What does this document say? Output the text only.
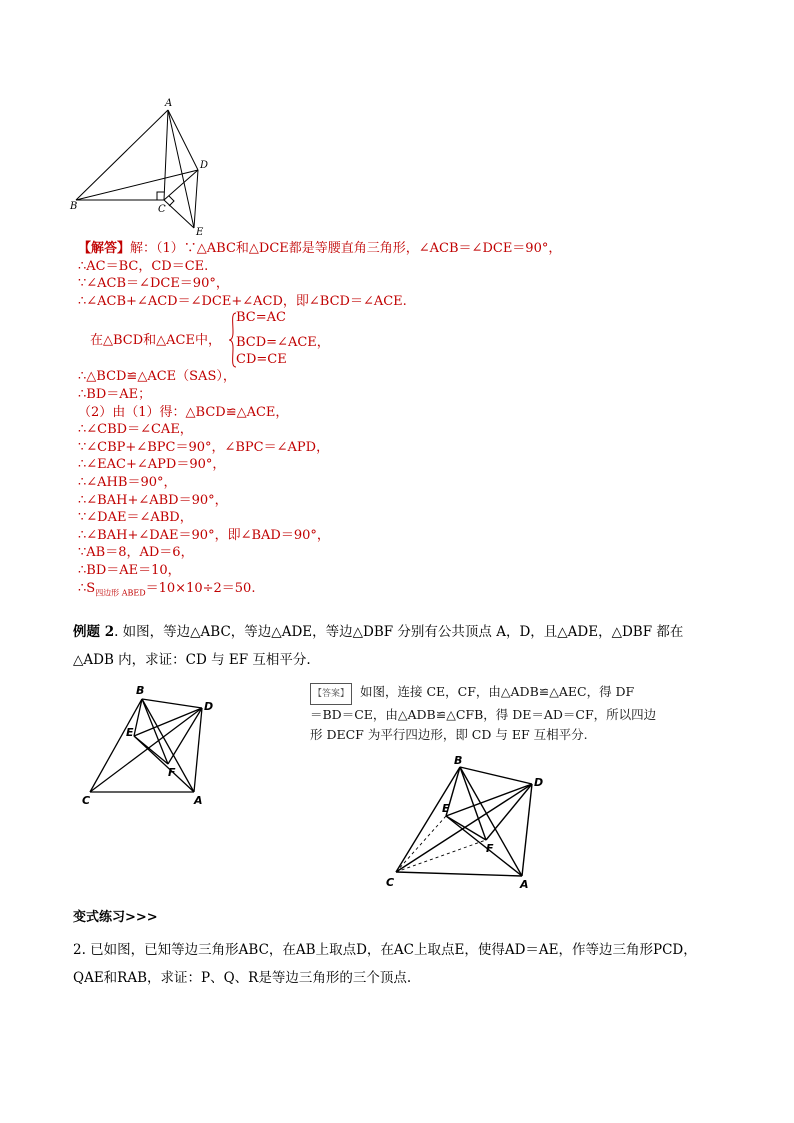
A
B	C
D
E
【解答】解：（1）∵△ABC和△DCE都是等腰直角三角形，∠ACB＝∠DCE＝90°，
∴AC＝BC，CD＝CE.
∵∠ACB＝∠DCE＝90°，
∴∠ACB+∠ACD＝∠DCE+∠ACD，即∠BCD＝∠ACE.
在△BCD和△ACE中，
BC=AC
BCD=∠ACE，
CD=CE
∴△BCD≌△ACE（SAS），
∴BD＝AE；
（2）由（1）得：△BCD≌△ACE，
∴∠CBD＝∠CAE，
∵∠CBP+∠BPC＝90°，∠BPC＝∠APD，
∴∠EAC+∠APD＝90°，
∴∠AHB＝90°，
∴∠BAH+∠ABD＝90°，
∵∠DAE＝∠ABD，
∴∠BAH+∠DAE＝90°，即∠BAD＝90°，
∵AB＝8，AD＝6，
∴BD＝AE＝10，
$\therefore S_{四边形 ABED}=10\times 10\div 2=50$.
例题 2. 如图，等边△ABC，等边△ADE，等边△DBF 分别有公共顶点 A，D，且△ADE，△DBF 都在
△ADB 内，求证：CD 与 EF 互相平分.
B
D
E
F
C	A
【答案】 如图，连接 CE，CF，由△ADB≌△AEC，得 DF
＝BD＝CE，由△ADB≌△CFB，得 DE＝AD＝CF，所以四边
形 DECF 为平行四边形，即 CD 与 EF 互相平分.
B
D
E
F
C	A
变式练习>>>
2. 已如图，已知等边三角形ABC，在AB上取点D，在AC上取点E，使得AD＝AE，作等边三角形PCD，
QAE和RAB，求证：P、Q、R是等边三角形的三个顶点.
